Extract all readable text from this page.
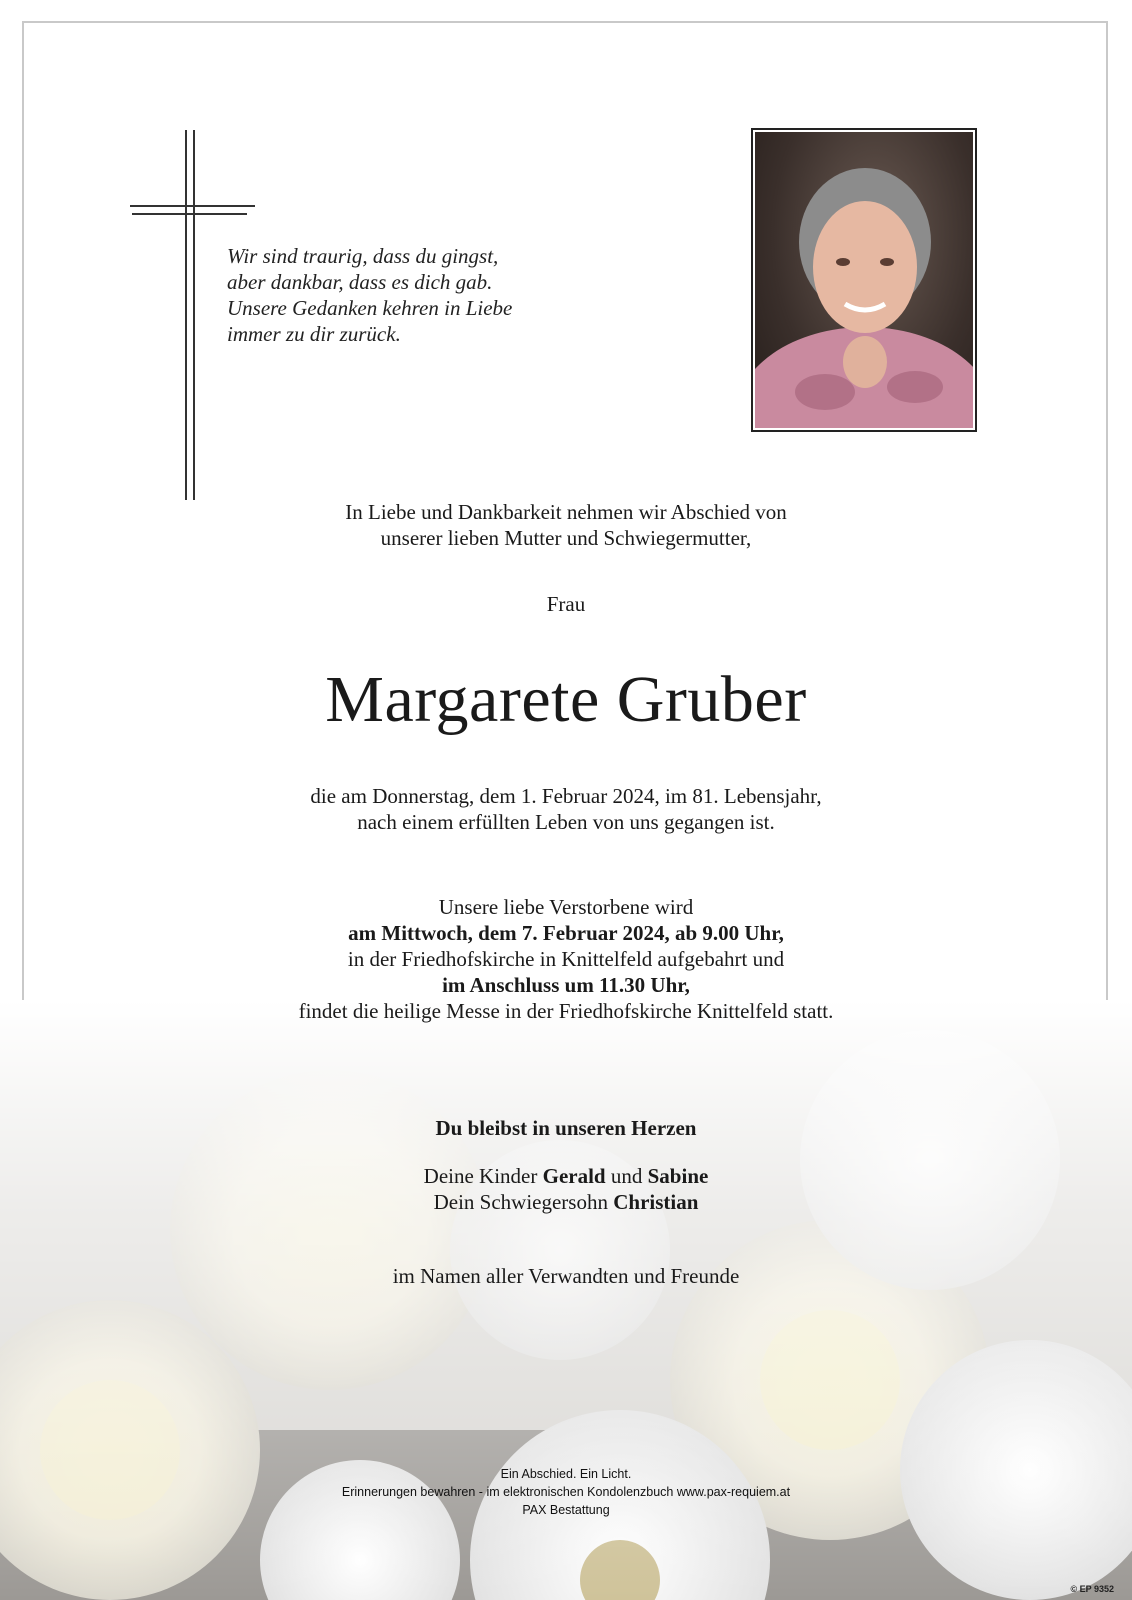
Wir sind traurig, dass du gingst,
aber dankbar, dass es dich gab.
Unsere Gedanken kehren in Liebe
immer zu dir zurück.
In Liebe und Dankbarkeit nehmen wir Abschied von
unserer lieben Mutter und Schwiegermutter,
Frau
Margarete Gruber
die am Donnerstag, dem 1. Februar 2024, im 81. Lebensjahr,
nach einem erfüllten Leben von uns gegangen ist.
Unsere liebe Verstorbene wird
am Mittwoch, dem 7. Februar 2024, ab 9.00 Uhr,
in der Friedhofskirche in Knittelfeld aufgebahrt und
im Anschluss um 11.30 Uhr,
findet die heilige Messe in der Friedhofskirche Knittelfeld statt.
Du bleibst in unseren Herzen
Deine Kinder Gerald und Sabine
Dein Schwiegersohn Christian
im Namen aller Verwandten und Freunde
Ein Abschied. Ein Licht.
Erinnerungen bewahren - im elektronischen Kondolenzbuch www.pax-requiem.at
PAX Bestattung
© EP 9352
